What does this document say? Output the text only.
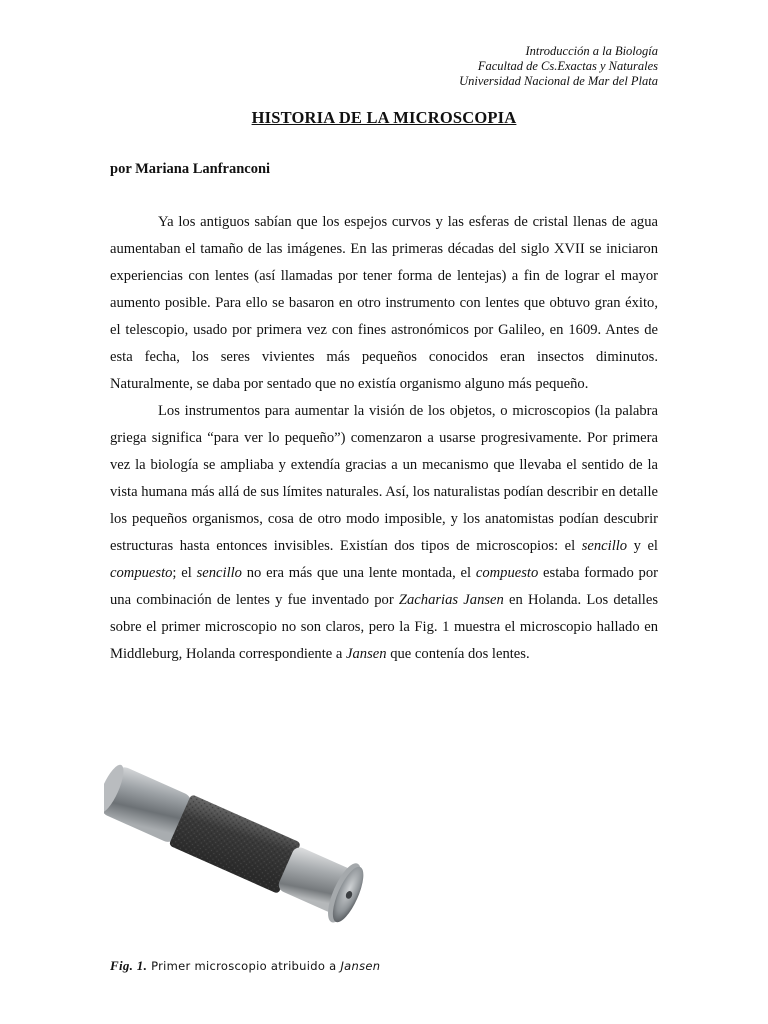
Introducción a la Biología
Facultad de Cs.Exactas y Naturales
Universidad Nacional de Mar del Plata
HISTORIA DE LA MICROSCOPIA
por Mariana Lanfranconi

Ya los antiguos sabían que los espejos curvos y las esferas de cristal llenas de agua aumentaban el tamaño de las imágenes. En las primeras décadas del siglo XVII se iniciaron experiencias con lentes (así llamadas por tener forma de lentejas) a fin de lograr el mayor aumento posible. Para ello se basaron en otro instrumento con lentes que obtuvo gran éxito, el telescopio, usado por primera vez con fines astronómicos por Galileo, en 1609. Antes de esta fecha, los seres vivientes más pequeños conocidos eran insectos diminutos. Naturalmente, se daba por sentado que no existía organismo alguno más pequeño.

Los instrumentos para aumentar la visión de los objetos, o microscopios (la palabra griega significa “para ver lo pequeño”) comenzaron a usarse progresivamente. Por primera vez la biología se ampliaba y extendía gracias a un mecanismo que llevaba el sentido de la vista humana más allá de sus límites naturales. Así, los naturalistas podían describir en detalle los pequeños organismos, cosa de otro modo imposible, y los anatomistas podían descubrir estructuras hasta entonces invisibles. Existían dos tipos de microscopios: el sencillo y el compuesto; el sencillo no era más que una lente montada, el compuesto estaba formado por una combinación de lentes y fue inventado por Zacharias Jansen en Holanda. Los detalles sobre el primer microscopio no son claros, pero la Fig. 1 muestra el microscopio hallado en Middleburg, Holanda correspondiente a Jansen que contenía dos lentes.

Fig. 1. Primer microscopio atribuido a Jansen
